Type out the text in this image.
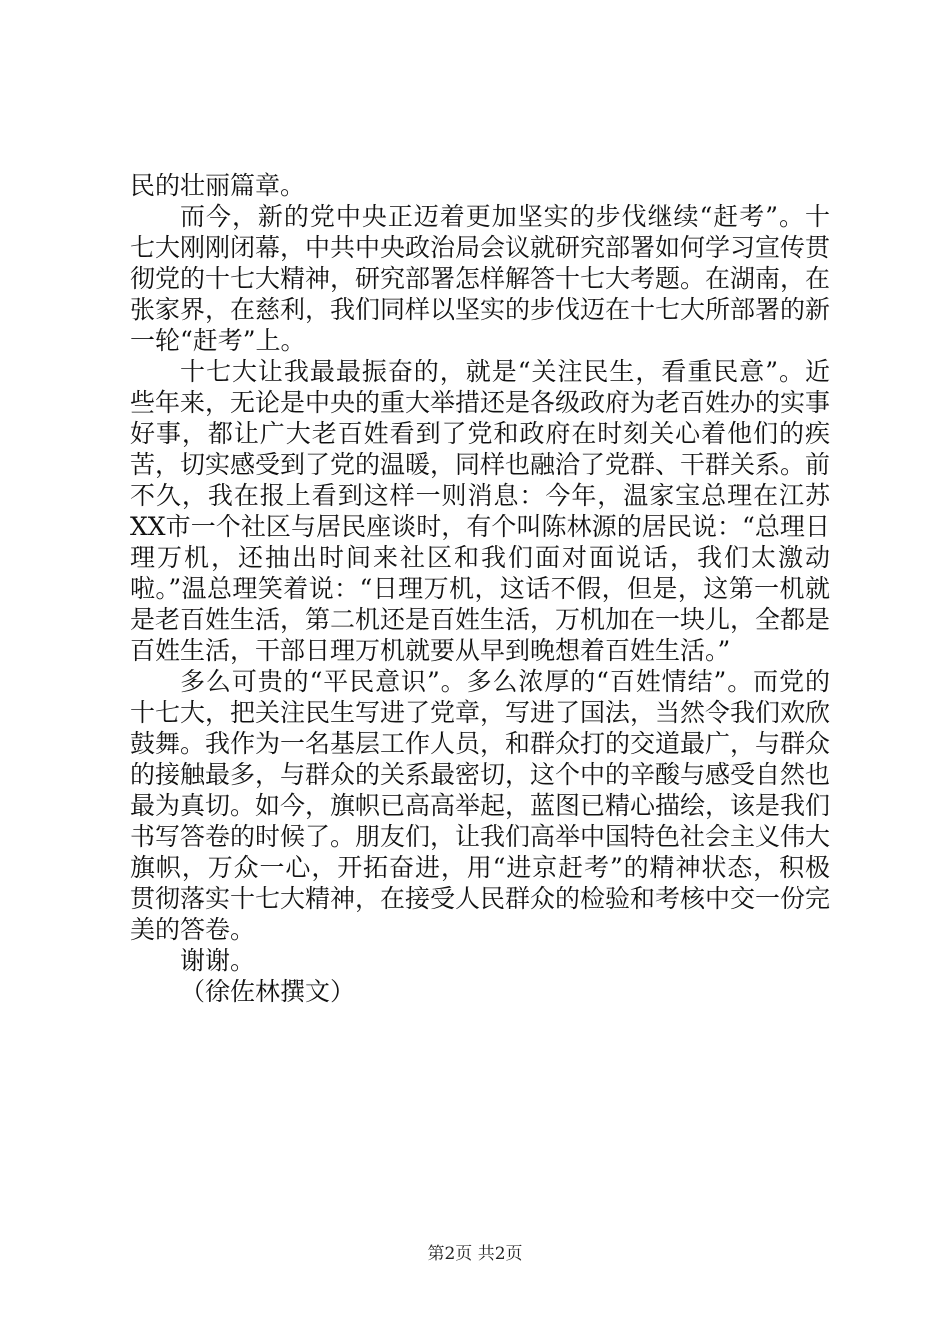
民的壮丽篇章。

而今，新的党中央正迈着更加坚实的步伐继续“赶考”。十七大刚刚闭幕，中共中央政治局会议就研究部署如何学习宣传贯彻党的十七大精神，研究部署怎样解答十七大考题。在湖南，在张家界，在慈利，我们同样以坚实的步伐迈在十七大所部署的新一轮“赶考”上。

十七大让我最最振奋的，就是“关注民生，看重民意”。近些年来，无论是中央的重大举措还是各级政府为老百姓办的实事好事，都让广大老百姓看到了党和政府在时刻关心着他们的疾苦，切实感受到了党的温暖，同样也融洽了党群、干群关系。前不久，我在报上看到这样一则消息：今年，温家宝总理在江苏XX市一个社区与居民座谈时，有个叫陈林源的居民说：“总理日理万机，还抽出时间来社区和我们面对面说话，我们太激动啦。”温总理笑着说：“日理万机，这话不假，但是，这第一机就是老百姓生活，第二机还是百姓生活，万机加在一块儿，全都是百姓生活，干部日理万机就要从早到晚想着百姓生活。”

多么可贵的“平民意识”。多么浓厚的“百姓情结”。而党的十七大，把关注民生写进了党章，写进了国法，当然令我们欢欣鼓舞。我作为一名基层工作人员，和群众打的交道最广，与群众的接触最多，与群众的关系最密切，这个中的辛酸与感受自然也最为真切。如今，旗帜已高高举起，蓝图已精心描绘，该是我们书写答卷的时候了。朋友们，让我们高举中国特色社会主义伟大旗帜，万众一心，开拓奋进，用“进京赶考”的精神状态，积极贯彻落实十七大精神，在接受人民群众的检验和考核中交一份完美的答卷。

谢谢。

（徐佐林撰文）

第2页 共2页
